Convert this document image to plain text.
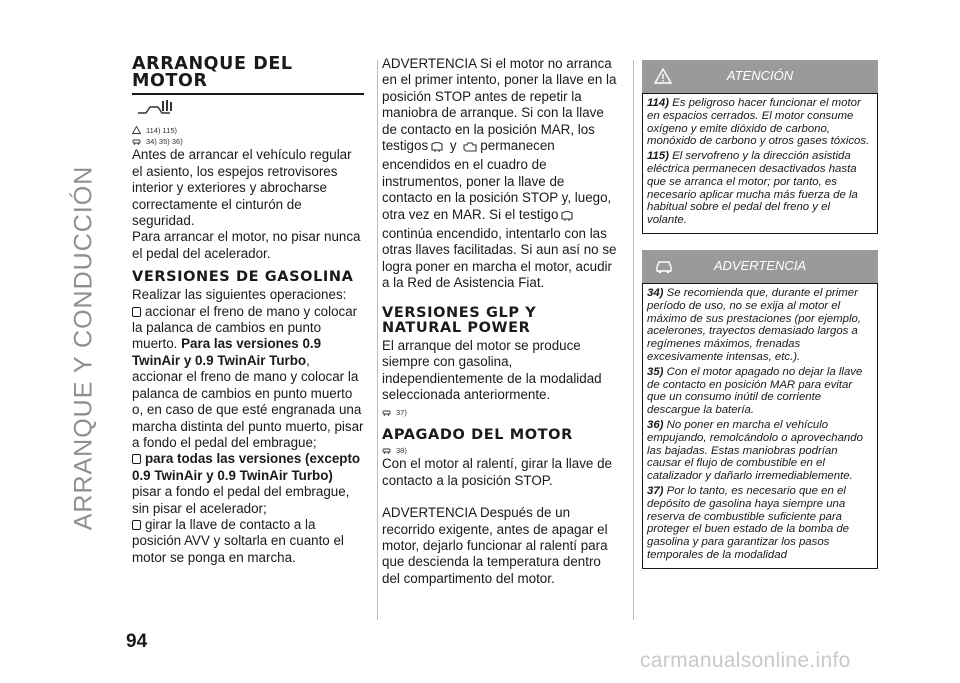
ARRANQUE Y CONDUCCIÓN
ARRANQUE DEL MOTOR
114) 115)
34) 35) 36)

Antes de arrancar el vehículo regular el asiento, los espejos retrovisores interior y exteriores y abrocharse correctamente el cinturón de seguridad.

Para arrancar el motor, no pisar nunca el pedal del acelerador.

VERSIONES DE GASOLINA

Realizar las siguientes operaciones:

accionar el freno de mano y colocar la palanca de cambios en punto muerto. Para las versiones 0.9 TwinAir y 0.9 TwinAir Turbo, accionar el freno de mano y colocar la palanca de cambios en punto muerto o, en caso de que esté engranada una marcha distinta del punto muerto, pisar a fondo el pedal del embrague;

para todas las versiones (excepto 0.9 TwinAir y 0.9 TwinAir Turbo) pisar a fondo el pedal del embrague, sin pisar el acelerador;

girar la llave de contacto a la posición AVV y soltarla en cuanto el motor se ponga en marcha.

ADVERTENCIA Si el motor no arranca en el primer intento, poner la llave en la posición STOP antes de repetir la maniobra de arranque. Si con la llave de contacto en la posición MAR, los testigos y permanecen encendidos en el cuadro de instrumentos, poner la llave de contacto en la posición STOP y, luego, otra vez en MAR. Si el testigocontinúa encendido, intentarlo con las otras llaves facilitadas. Si aun así no se logra poner en marcha el motor, acudir a la Red de Asistencia Fiat.

VERSIONES GLP Y NATURAL POWER

El arranque del motor se produce siempre con gasolina, independientemente de la modalidad seleccionada anteriormente.

37)
APAGADO DEL MOTOR
38)

Con el motor al ralentí, girar la llave de contacto a la posición STOP.

ADVERTENCIA Después de un recorrido exigente, antes de apagar el motor, dejarlo funcionar al ralentí para que descienda la temperatura dentro del compartimento del motor.

ATENCIÓN

114) Es peligroso hacer funcionar el motor en espacios cerrados. El motor consume oxígeno y emite dióxido de carbono, monóxido de carbono y otros gases tóxicos.

115) El servofreno y la dirección asistida eléctrica permanecen desactivados hasta que se arranca el motor; por tanto, es necesario aplicar mucha más fuerza de la habitual sobre el pedal del freno y el volante.

ADVERTENCIA

34) Se recomienda que, durante el primer período de uso, no se exija al motor el máximo de sus prestaciones (por ejemplo, acelerones, trayectos demasiado largos a regímenes máximos, frenadas excesivamente intensas, etc.).

35) Con el motor apagado no dejar la llave de contacto en posición MAR para evitar que un consumo inútil de corriente descargue la batería.

36) No poner en marcha el vehículo empujando, remolcándolo o aprovechando las bajadas. Estas maniobras podrían causar el flujo de combustible en el catalizador y dañarlo irremediablemente.

37) Por lo tanto, es necesario que en el depósito de gasolina haya siempre una reserva de combustible suficiente para proteger el buen estado de la bomba de gasolina y para garantizar los pasos temporales de la modalidad

94
carmanualsonline.info
